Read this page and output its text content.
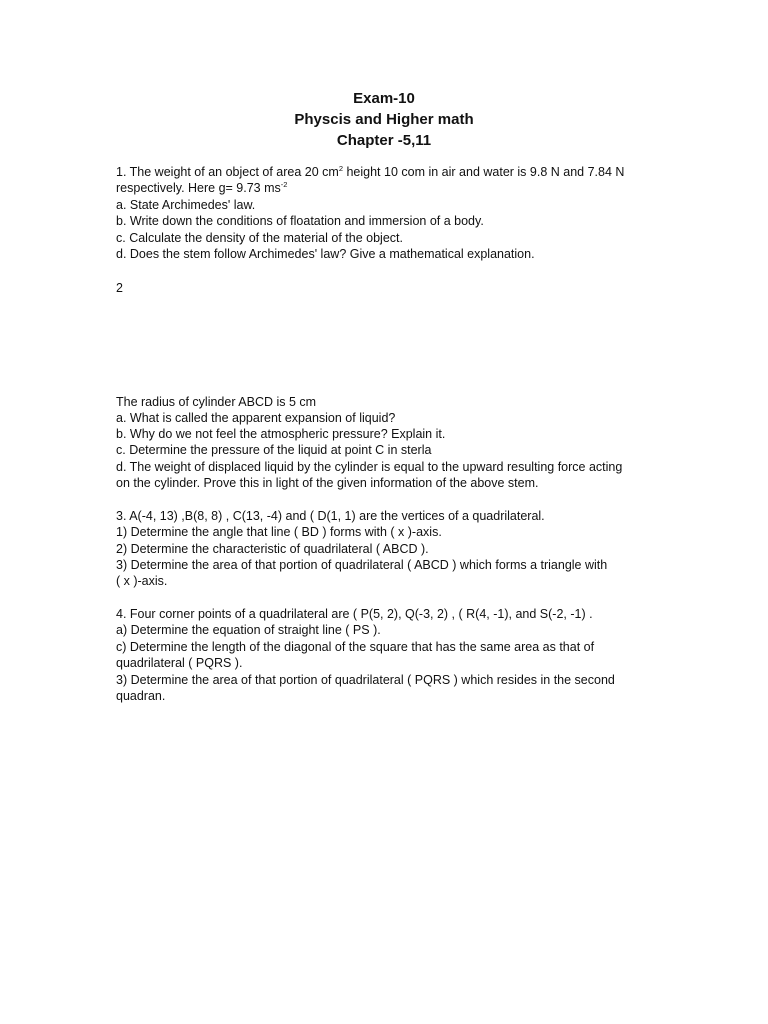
Exam-10
Physcis and Higher math
Chapter -5,11
1. The weight of an object of area 20 $cm^2$ height 10 com in air and water is 9.8 N and 7.84 N
respectively. Here g= 9.73 $ms^{-2}$
a. State Archimedes' law.
b. Write down the conditions of floatation and immersion of a body.
c. Calculate the density of the material of the object.
d. Does the stem follow Archimedes' law? Give a mathematical explanation.
2
The radius of cylinder ABCD is 5 cm
a. What is called the apparent expansion of liquid?
b. Why do we not feel the atmospheric pressure? Explain it.
c. Determine the pressure of the liquid at point C in sterla
d. The weight of displaced liquid by the cylinder is equal to the upward resulting force acting
on the cylinder. Prove this in light of the given information of the above stem.
3. A(-4, 13) ,B(8, 8) , C(13, -4) and ( D(1, 1) are the vertices of a quadrilateral.
1) Determine the angle that line ( BD ) forms with ( x )-axis.
2) Determine the characteristic of quadrilateral ( ABCD ).
3) Determine the area of that portion of quadrilateral ( ABCD ) which forms a triangle with
( x )-axis.
4. Four corner points of a quadrilateral are ( P(5, 2), Q(-3, 2) , ( R(4, -1), and S(-2, -1) .
a) Determine the equation of straight line ( PS ).
c) Determine the length of the diagonal of the square that has the same area as that of
quadrilateral ( PQRS ).
3) Determine the area of that portion of quadrilateral ( PQRS ) which resides in the second
quadran.
